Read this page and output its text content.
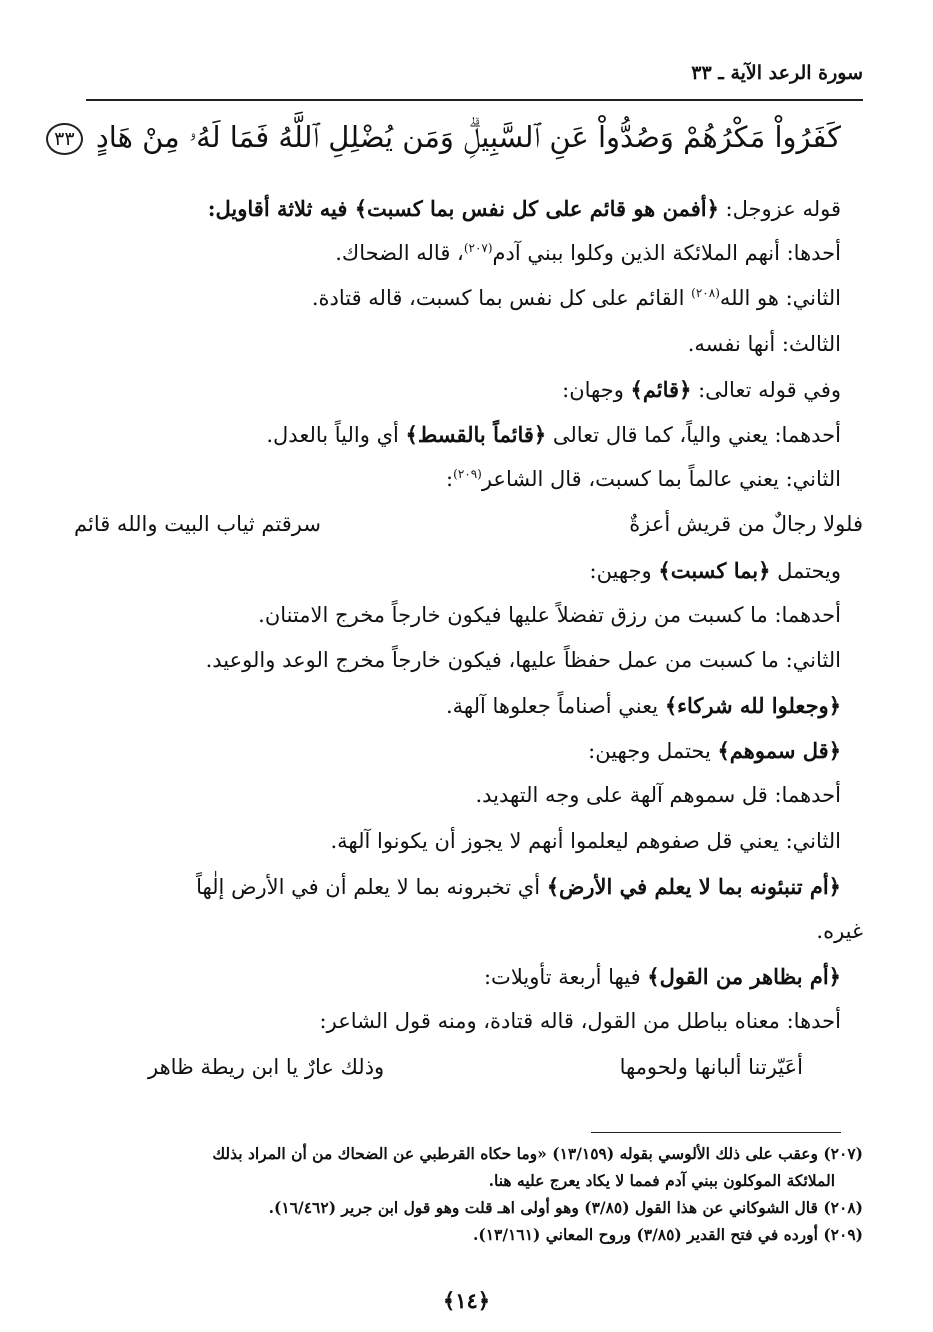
سورة الرعد الآية ـ ٣٣
كَفَرُواْ مَكْرُهُمْ وَصُدُّواْ عَنِ ٱلسَّبِيلِۗ وَمَن يُضْلِلِ ٱللَّهُ فَمَا لَهُۥ مِنْ هَادٍ ٣٣
قوله عزوجل: ﴿أفمن هو قائم على كل نفس بما كسبت﴾ فيه ثلاثة أقاويل:
أحدها: أنهم الملائكة الذين وكلوا ببني آدم$^{(٢٠٧)}$، قاله الضحاك.
الثاني: هو الله$^{(٢٠٨)}$ القائم على كل نفس بما كسبت، قاله قتادة.
الثالث: أنها نفسه.
وفي قوله تعالى: ﴿قائم﴾ وجهان:
أحدهما: يعني والياً، كما قال تعالى ﴿قائماً بالقسط﴾ أي والياً بالعدل.
الثاني: يعني عالماً بما كسبت، قال الشاعر$^{(٢٠٩)}$:
فلولا رجالٌ من قريش أعزةٌ
سرقتم ثياب البيت والله قائم
ويحتمل ﴿بما كسبت﴾ وجهين:
أحدهما: ما كسبت من رزق تفضلاً عليها فيكون خارجاً مخرج الامتنان.
الثاني: ما كسبت من عمل حفظاً عليها، فيكون خارجاً مخرج الوعد والوعيد.
﴿وجعلوا لله شركاء﴾ يعني أصناماً جعلوها آلهة.
﴿قل سموهم﴾ يحتمل وجهين:
أحدهما: قل سموهم آلهة على وجه التهديد.
الثاني: يعني قل صفوهم ليعلموا أنهم لا يجوز أن يكونوا آلهة.
﴿أم تنبئونه بما لا يعلم في الأرض﴾ أي تخبرونه بما لا يعلم أن في الأرض إلٰهاً
غيره.
﴿أم بظاهر من القول﴾ فيها أربعة تأويلات:
أحدها: معناه بباطل من القول، قاله قتادة، ومنه قول الشاعر:
أعَيّرتنا ألبانها ولحومها
وذلك عارٌ يا ابن ريطة ظاهر
(٢٠٧) وعقب على ذلك الألوسي بقوله (١٣/١٥٩) «وما حكاه القرطبي عن الضحاك من أن المراد بذلك
الملائكة الموكلون ببني آدم فمما لا يكاد يعرج عليه هنا.
(٢٠٨) قال الشوكاني عن هذا القول (٣/٨٥) وهو أولى اهـ قلت وهو قول ابن جرير (١٦/٤٦٢).
(٢٠٩) أورده في فتح القدير (٣/٨٥) وروح المعاني (١٣/١٦١).
﴿١٤﴾
